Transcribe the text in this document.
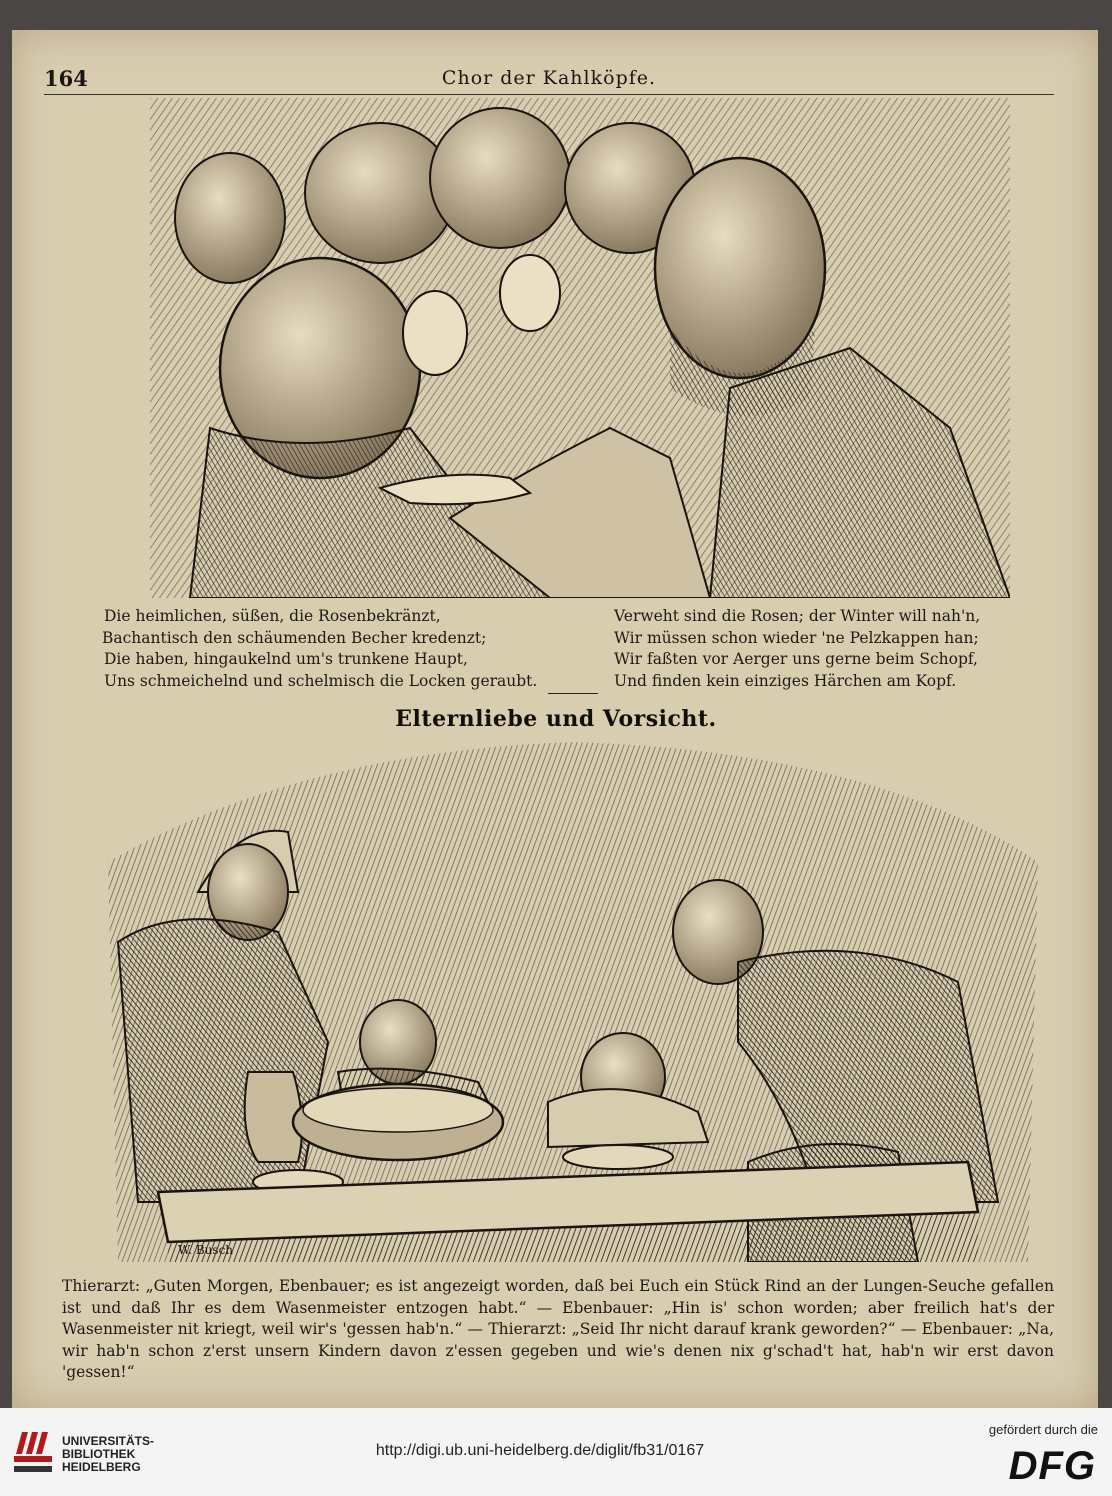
164	Chor der Kahlköpfe.
Die heimlichen, süßen, die Rosenbekränzt,
Bachantisch den schäumenden Becher kredenzt;
Die haben, hingaukelnd um's trunkene Haupt,
Uns schmeichelnd und schelmisch die Locken geraubt.
Verweht sind die Rosen; der Winter will nah'n,
Wir müssen schon wieder 'ne Pelzkappen han;
Wir faßten vor Aerger uns gerne beim Schopf,
Und finden kein einziges Härchen am Kopf.
Elternliebe und Vorsicht.
W. Busch
Thierarzt: „Guten Morgen, Ebenbauer; es ist angezeigt worden, daß bei Euch ein Stück Rind an der Lungen-Seuche gefallen ist und daß Ihr es dem Wasenmeister entzogen habt.“ — Ebenbauer: „Hin is' schon worden; aber freilich hat's der Wasenmeister nit kriegt, weil wir's 'gessen hab'n.“ — Thierarzt: „Seid Ihr nicht darauf krank geworden?“ — Ebenbauer: „Na, wir hab'n schon z'erst unsern Kindern davon z'essen gegeben und wie's denen nix g'schad't hat, hab'n wir erst davon 'gessen!“
UNIVERSITÄTS-
BIBLIOTHEK
HEIDELBERG
http://digi.ub.uni-heidelberg.de/diglit/fb31/0167
gefördert durch die
DFG
